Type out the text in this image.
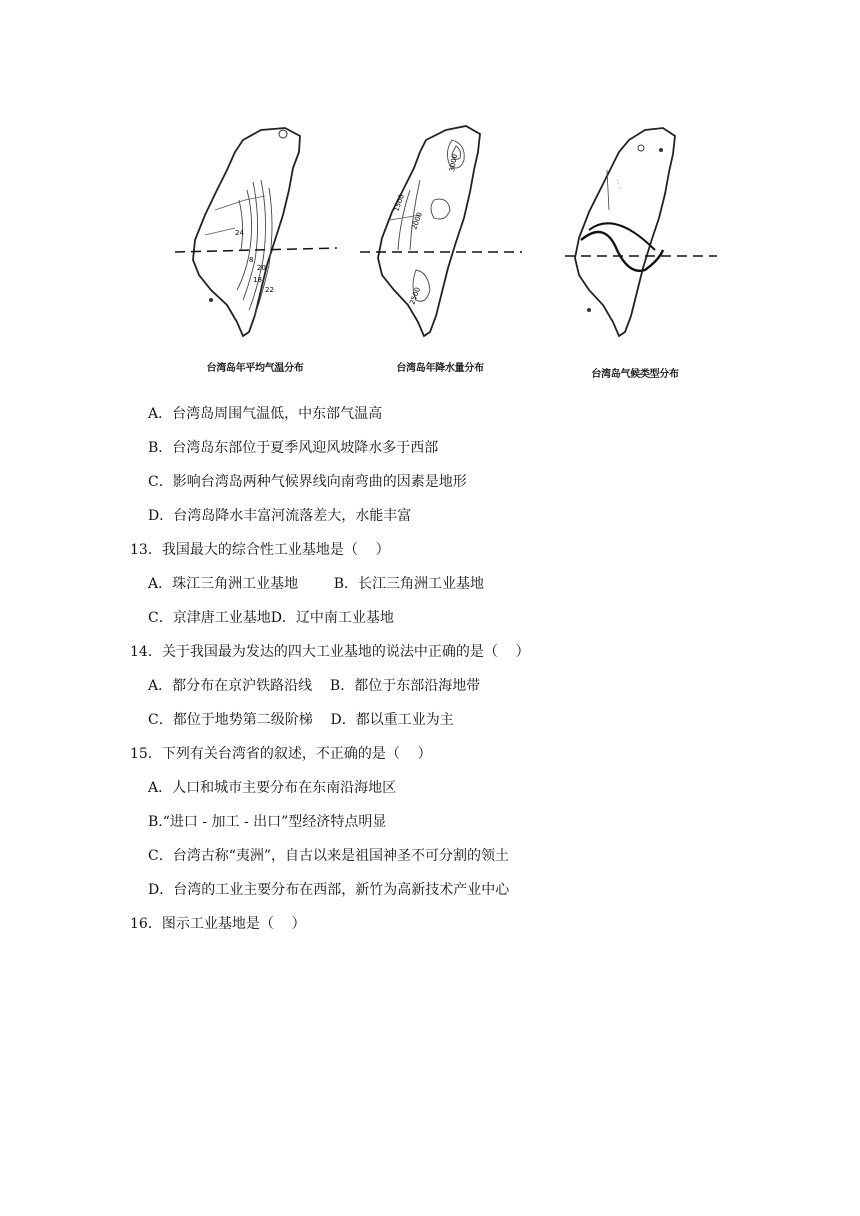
24
20
18
22
8
台湾岛年平均气温分布
1500
2000
2500
3000
台湾岛年降水量分布
· · ·
台湾岛气候类型分布
A．台湾岛周围气温低，中东部气温高
B．台湾岛东部位于夏季风迎风坡降水多于西部
C．影响台湾岛两种气候界线向南弯曲的因素是地形
D．台湾岛降水丰富河流落差大，水能丰富
13．我国最大的综合性工业基地是（    ）
A．珠江三角洲工业基地        B．长江三角洲工业基地
C．京津唐工业基地D．辽中南工业基地
14．关于我国最为发达的四大工业基地的说法中正确的是（    ）
A．都分布在京沪铁路沿线    B．都位于东部沿海地带
C．都位于地势第二级阶梯    D．都以重工业为主
15．下列有关台湾省的叙述，不正确的是（    ）
A．人口和城市主要分布在东南沿海地区
B.“进口 - 加工 - 出口”型经济特点明显
C．台湾古称“夷洲”，自古以来是祖国神圣不可分割的领土
D．台湾的工业主要分布在西部，新竹为高新技术产业中心
16．图示工业基地是（    ）
